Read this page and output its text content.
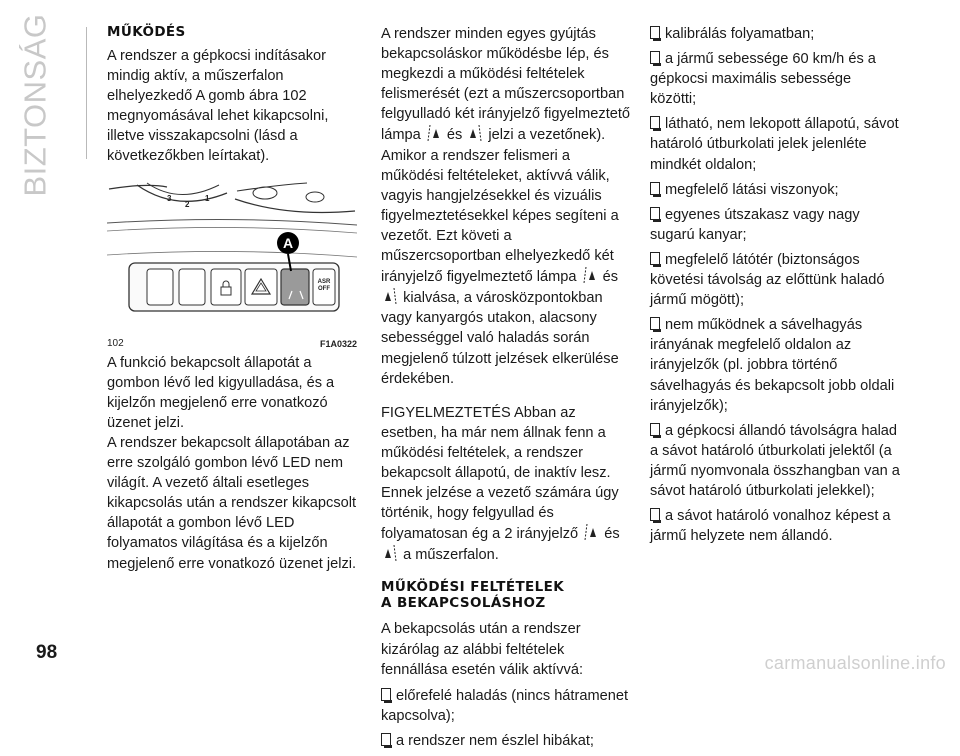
BIZTONSÁG	MŰKÖDÉS

A rendszer a gépkocsi indításakor mindig aktív, a műszerfalon elhelyezkedő A gomb ábra 102 megnyomásával lehet kikapcsolni, illetve visszakapcsolni (lásd a következőkben leírtakat).

A
3
2
1
ASR
OFF
102	F1A0322

A funkció bekapcsolt állapotát a gombon lévő led kigyulladása, és a kijelzőn megjelenő erre vonatkozó üzenet jelzi.

A rendszer bekapcsolt állapotában az erre szolgáló gombon lévő LED nem világít. A vezető általi esetleges kikapcsolás után a rendszer kikapcsolt állapotát a gombon lévő LED folyamatos világítása és a kijelzőn megjelenő erre vonatkozó üzenet jelzi.

A rendszer minden egyes gyújtás bekapcsoláskor működésbe lép, és megkezdi a működési feltételek felismerését (ezt a műszercsoportban felgyulladó két irányjelző figyelmeztető lámpa és jelzi a vezetőnek).

Amikor a rendszer felismeri a működési feltételeket, aktívvá válik, vagyis hangjelzésekkel és vizuális figyelmeztetésekkel képes segíteni a vezetőt. Ezt követi a műszercsoportban elhelyezkedő két irányjelző figyelmeztető lámpa és  kialvása, a városközpontokban vagy kanyargós utakon, alacsony sebességgel való haladás során megjelenő túlzott jelzések elkerülése érdekében.

FIGYELMEZTETÉS Abban az esetben, ha már nem állnak fenn a működési feltételek, a rendszer bekapcsolt állapotú, de inaktív lesz. Ennek jelzése a vezető számára úgy történik, hogy felgyullad és folyamatosan ég a 2 irányjelző és  a műszerfalon.

MŰKÖDÉSI FELTÉTELEK
A BEKAPCSOLÁSHOZ

A bekapcsolás után a rendszer kizárólag az alábbi feltételek fennállása esetén válik aktívvá:

előrefelé haladás (nincs hátramenet kapcsolva);

a rendszer nem észlel hibákat;

kalibrálás folyamatban;

a jármű sebessége 60 km/h és a gépkocsi maximális sebessége közötti;

látható, nem lekopott állapotú, sávot határoló útburkolati jelek jelenléte mindkét oldalon;

megfelelő látási viszonyok;

egyenes útszakasz vagy nagy sugarú kanyar;

megfelelő látótér (biztonságos követési távolság az előttünk haladó jármű mögött);

nem működnek a sávelhagyás irányának megfelelő oldalon az irányjelzők (pl. jobbra történő sávelhagyás és bekapcsolt jobb oldali irányjelzők);

a gépkocsi állandó távolságra halad a sávot határoló útburkolati jelektől (a jármű nyomvonala összhangban van a sávot határoló útburkolati jelekkel);

a sávot határoló vonalhoz képest a jármű helyzete nem állandó.

98	carmanualsonline.info
